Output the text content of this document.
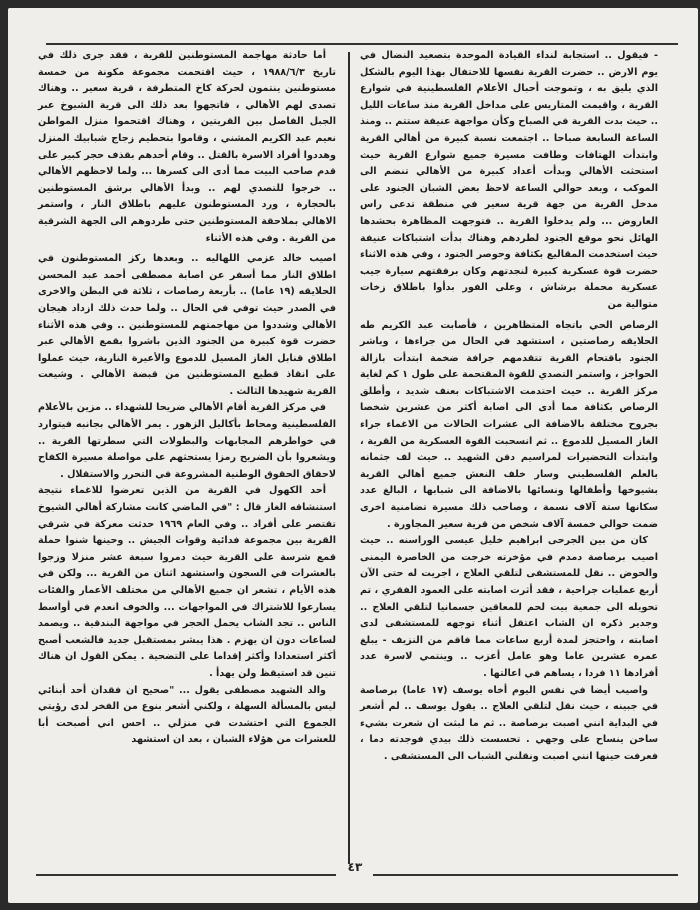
- فيقول .. استجابة لنداء القيادة الموحدة بتصعيد النضال في يوم الارض .. حضرت القرية نفسها للاحتفال بهذا اليوم بالشكل الذي يليق به ، وتموجت أحبال الأعلام الفلسطينية في شوارع القرية ، واقيمت المتاريس على مداخل القرية منذ ساعات الليل .. حيث بدت القرية في الصباح وكأن مواجهة عنيفة ستتم .. ومنذ الساعة السابعة صباحا .. اجتمعت نسبة كبيرة من أهالي القرية وابتدأت الهتافات وطافت مسيرة جميع شوارع القرية حيث استحثت الأهالي وبدأت أعداد كبيرة من الأهالي تنضم الى الموكب ، وبعد حوالي الساعة لاحظ بعض الشبان الجنود على مدخل القرية من جهة قرية سعير في منطقة تدعى راس العاروض ... ولم يدخلوا القرية .. فتوجهت المظاهرة بحشدها الهائل نحو موقع الجنود لطردهم وهناك بدأت اشتباكات عنيفة حيث استخدمت المقاليع بكثافة وحوصر الجنود ، وفي هذه الاثناء حضرت قوة عسكرية كبيرة لنجدتهم وكان برفقتهم سيارة جيب عسكرية محملة برشاش ، وعلى الفور بدأوا باطلاق زخات متوالية من

الرصاص الحي باتجاه المتظاهرين ، فأصابت عبد الكريم طه الحلايقه رصاصتين ، استشهد في الحال من جراءها ، وباشر الجنود باقتحام القرية تتقدمهم جرافة ضخمة ابتدأت بازالة الحواجز ، واستمر التصدي للقوة المقتحمة على طول ١ كم لغاية مركز القرية .. حيث احتدمت الاشتباكات بعنف شديد ، وأطلق الرصاص بكثافة مما أدى الى اصابة أكثر من عشرين شخصا بجروح مختلفة بالاضافة الى عشرات الحالات من الاغماء جراء الغاز المسيل للدموع .. ثم انسحبت القوة العسكرية من القرية ، وابتدأت التحضيرات لمراسيم دفن الشهيد .. حيث لف جثمانه بالعلم الفلسطيني وسار خلف النعش جميع أهالي القرية بشيوخها وأطفالها ونسائها بالاضافة الى شبابها ، البالغ عدد سكانها ستة آلاف نسمة ، وصاحب ذلك مسيرة تضامنية اخرى ضمت حوالي خمسة آلاف شخص من قرية سعير المجاورة .

كان من بين الجرحى ابراهيم خليل عيسى الوراسنه .. حيث اصيب برصاصة دمدم في مؤخرته خرجت من الخاصرة اليمنى والحوض .. نقل للمستشفى لتلقي العلاج ، اجريت له حتى الآن أربع عمليات جراحية ، فقد أثرت اصابته على العمود الفقري ، تم تحويله الى جمعية بيت لحم للمعاقين جسمانيا لتلقي العلاج .. وجدير ذكره ان الشاب اعتقل أثناء توجهه للمستشفى لدى اصابته ، واحتجز لمدة أربع ساعات مما فاقم من النزيف - يبلغ عمره عشرين عاما وهو عامل أعزب .. وينتمي لاسرة عدد أفرادها ١١ فردا ، يساهم في اعالتها .

واصيب أيضا في نفس اليوم أخاه يوسف (١٧ عاما) برصاصة في جبينه ، حيث نقل لتلقي العلاج .. يقول يوسف .. لم أشعر في البداية انني اصبت برصاصة .. ثم ما لبثت ان شعرت بشيء ساخن ينساح على وجهي . تحسست ذلك بيدي فوجدته دما ، فعرفت حينها انني اصبت ونقلني الشباب الى المستشفى .

أما حادثة مهاجمة المستوطنين للقرية ، فقد جرى ذلك في تاريخ ١٩٨٨/٦/٣ ، حيث اقتحمت مجموعة مكونة من خمسة مستوطنين ينتمون لحركة كاخ المتطرفة ، قرية سعير .. وهناك تصدى لهم الأهالي ، فاتجهوا بعد ذلك الى قرية الشيوخ عبر الجبل الفاصل بين القريتين ، وهناك اقتحموا منزل المواطن نعيم عبد الكريم المشني ، وقاموا بتحطيم زجاج شبابيك المنزل وهددوا أفراد الاسرة بالقتل .. وقام أحدهم بقذف حجر كبير على قدم صاحب البيت مما أدى الى كسرها ... ولما لاحظهم الأهالي .. خرجوا للتصدي لهم .. وبدأ الأهالي برشق المستوطنين بالحجارة ، ورد المستوطنون عليهم باطلاق النار ، واستمر الاهالي بملاحقة المستوطنين حتى طردوهم الى الجهة الشرقية من القرية . وفي هذه الأثناء

اصيب خالد عزمي اللهاليه .. وبعدها ركز المستوطنون في اطلاق النار مما أسفر عن اصابة مصطفى أحمد عبد المحسن الحلايقه (١٩ عاما) .. بأربعة رصاصات ، ثلاثة في البطن والاخرى في الصدر حيث توفي في الحال .. ولما حدث ذلك ازداد هيجان الأهالي وشددوا من مهاجمتهم للمستوطنين .. وفي هذه الأثناء حضرت قوة كبيرة من الجنود الذين باشروا بقمع الأهالي عبر اطلاق قنابل الغاز المسيل للدموع والأعيرة النارية، حيث عملوا على انقاذ قطيع المستوطنين من قبضة الأهالي . وشيعت القرية شهيدها الثالث .

في مركز القرية أقام الأهالي ضريحا للشهداء .. مزين بالأعلام الفلسطينية ومحاط بأكاليل الزهور . يمر الأهالي بجانبه فيتوارد في خواطرهم المجابهات والبطولات التي سطرتها القرية .. ويشعروا بأن الضريح رمزا يستحثهم على مواصلة مسيرة الكفاح لاحقاق الحقوق الوطنية المشروعة في التحرر والاستقلال .

أحد الكهول في القرية من الذين تعرضوا للاغماء نتيجة استنشاقه الغاز قال : "في الماضي كانت مشاركة أهالي الشيوخ تقتصر على أفراد .. وفي العام ١٩٦٩ حدثت معركة في شرقي القرية بين مجموعة فدائية وقوات الجيش .. وحينها شنوا حملة قمع شرسة على القرية حيث دمروا سبعة عشر منزلا وزجوا بالعشرات في السجون واستشهد اثنان من القرية ... ولكن في هذه الأيام ، تشعر ان جميع الأهالي من مختلف الأعمار والفئات يسارعوا للاشتراك في المواجهات ... والخوف انعدم في أواسط الناس .. تجد الشاب يحمل الحجر في مواجهة البندقية .. ويصمد لساعات دون ان يهزم . هذا يبشر بمستقبل جديد فالشعب أصبح أكثر استعدادا وأكثر إقداما على التضحية . يمكن القول ان هناك تنين قد استيقظ ولن يهدأ .

والد الشهيد مصطفى يقول ... "صحيح ان فقدان أحد أبنائي ليس بالمسألة السهلة ، ولكني أشعر بنوع من الفخر لدى رؤيتي الجموع التي احتشدت في منزلي .. احس اني أصبحت أبا للعشرات من هؤلاء الشبان ، بعد ان استشهد

٤٣
